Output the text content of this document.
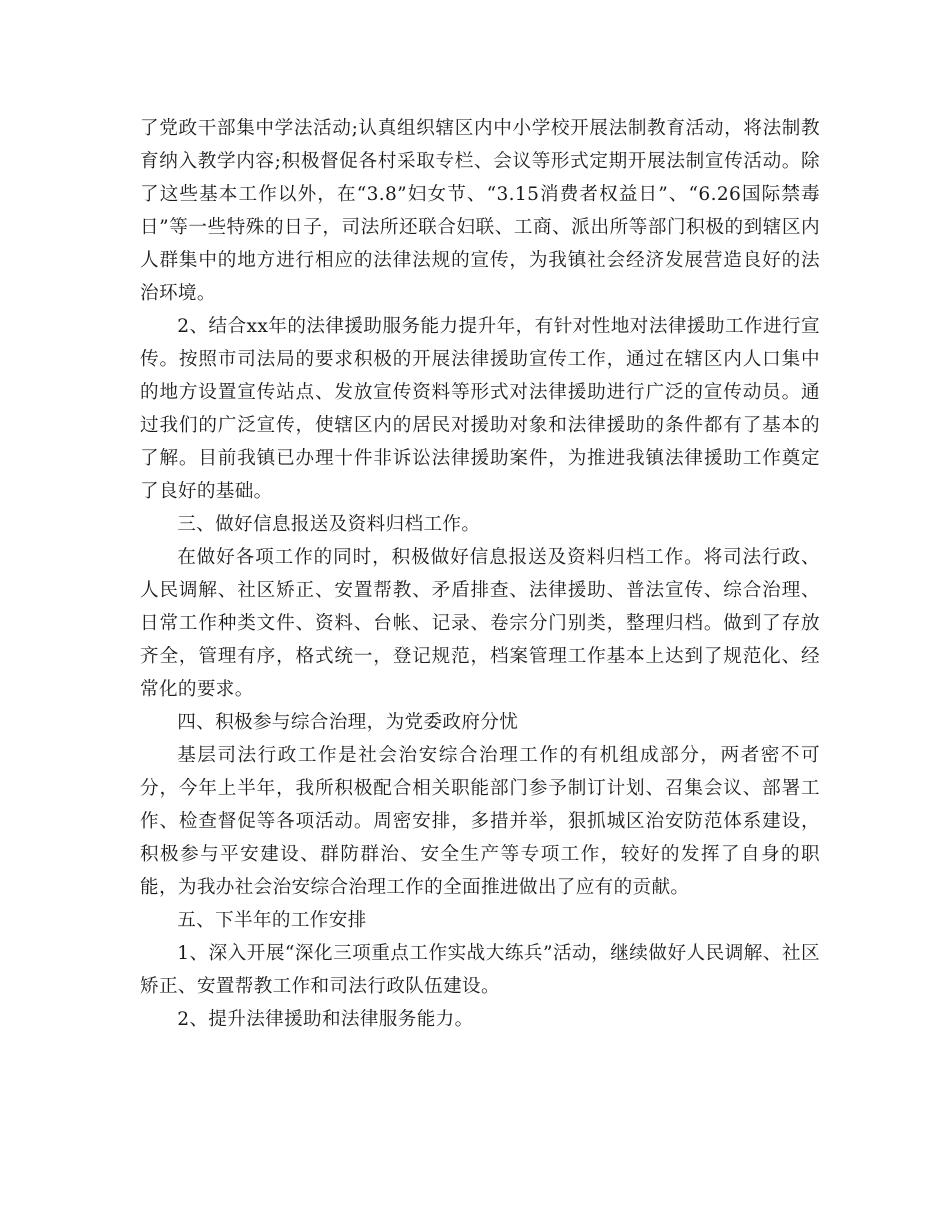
了党政干部集中学法活动;认真组织辖区内中小学校开展法制教育活动，将法制教育纳入教学内容;积极督促各村采取专栏、会议等形式定期开展法制宣传活动。除了这些基本工作以外，在“3.8”妇女节、“3.15消费者权益日”、“6.26国际禁毒日”等一些特殊的日子，司法所还联合妇联、工商、派出所等部门积极的到辖区内人群集中的地方进行相应的法律法规的宣传，为我镇社会经济发展营造良好的法治环境。

2、结合xx年的法律援助服务能力提升年，有针对性地对法律援助工作进行宣传。按照市司法局的要求积极的开展法律援助宣传工作，通过在辖区内人口集中的地方设置宣传站点、发放宣传资料等形式对法律援助进行广泛的宣传动员。通过我们的广泛宣传，使辖区内的居民对援助对象和法律援助的条件都有了基本的了解。目前我镇已办理十件非诉讼法律援助案件，为推进我镇法律援助工作奠定了良好的基础。

三、做好信息报送及资料归档工作。

在做好各项工作的同时，积极做好信息报送及资料归档工作。将司法行政、人民调解、社区矫正、安置帮教、矛盾排查、法律援助、普法宣传、综合治理、日常工作种类文件、资料、台帐、记录、卷宗分门别类，整理归档。做到了存放齐全，管理有序，格式统一，登记规范，档案管理工作基本上达到了规范化、经常化的要求。

四、积极参与综合治理，为党委政府分忧

基层司法行政工作是社会治安综合治理工作的有机组成部分，两者密不可分，今年上半年，我所积极配合相关职能部门参予制订计划、召集会议、部署工作、检查督促等各项活动。周密安排，多措并举，狠抓城区治安防范体系建设，积极参与平安建设、群防群治、安全生产等专项工作，较好的发挥了自身的职能，为我办社会治安综合治理工作的全面推进做出了应有的贡献。

五、下半年的工作安排

1、深入开展“深化三项重点工作实战大练兵”活动，继续做好人民调解、社区矫正、安置帮教工作和司法行政队伍建设。

2、提升法律援助和法律服务能力。
